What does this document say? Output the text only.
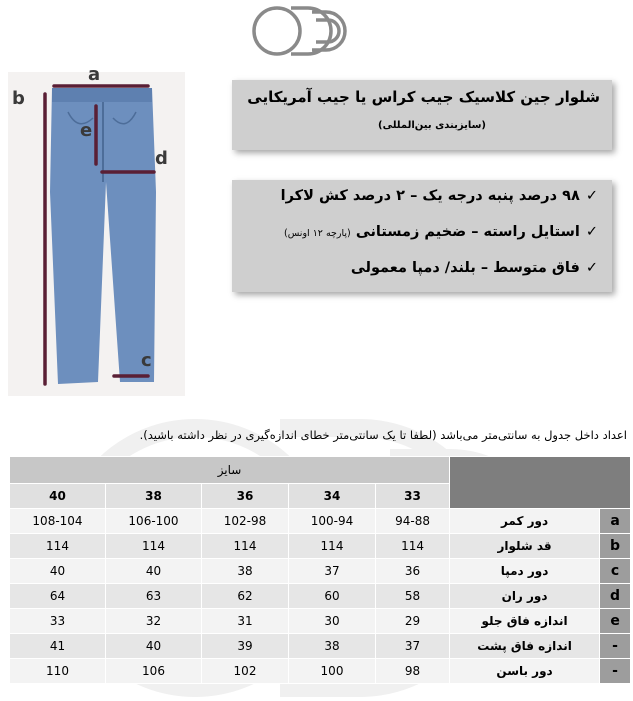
a
b
e
d
c
شلوار جین کلاسیک جیب کراس یا جیب آمریکایی
(سایزبندی بین‌المللی)
✓۹۸ درصد پنبه درجه یک – ۲ درصد کش لاکرا
✓استایل راسته – ضخیم زمستانی (پارچه ۱۲ اونس)
✓فاق متوسط – بلند/ دمپا معمولی
اعداد داخل جدول به سانتی‌متر می‌باشد (لطفا تا یک سانتی‌متر خطای اندازه‌گیری در نظر داشته باشید).
سایز						
40	38	36	34	33		
108-104	106-100	102-98	100-94	94-88	دور کمر	a
114	114	114	114	114	قد شلوار	b
40	40	38	37	36	دور دمپا	c
64	63	62	60	58	دور ران	d
33	32	31	30	29	اندازه فاق جلو	e
41	40	39	38	37	اندازه فاق پشت	-
110	106	102	100	98	دور باسن	-
